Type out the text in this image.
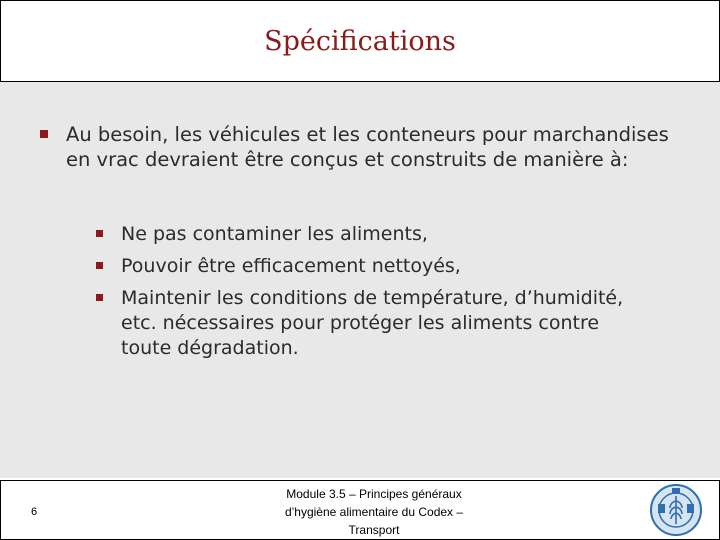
Spécifications
Au besoin, les véhicules et les conteneurs pour marchandises en vrac devraient être conçus et construits de manière à:
Ne pas contaminer les aliments,
Pouvoir être efficacement nettoyés,
Maintenir les conditions de température, d’humidité, etc. nécessaires pour protéger les aliments contre toute dégradation.
6
Module 3.5 – Principes généraux d’hygiène alimentaire du Codex – Transport
